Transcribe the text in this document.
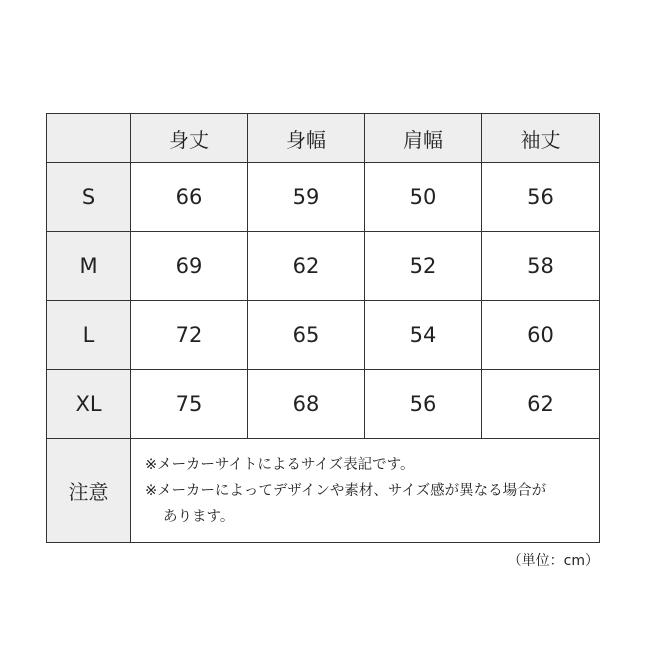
	身丈	身幅	肩幅	袖丈
S	66	59	50	56
M	69	62	52	58
L	72	65	54	60
XL	75	68	56	62
注意	※メーカーサイトによるサイズ表記です。
※メーカーによってデザインや素材、サイズ感が異なる場合が
あります。			
（単位：cm）
